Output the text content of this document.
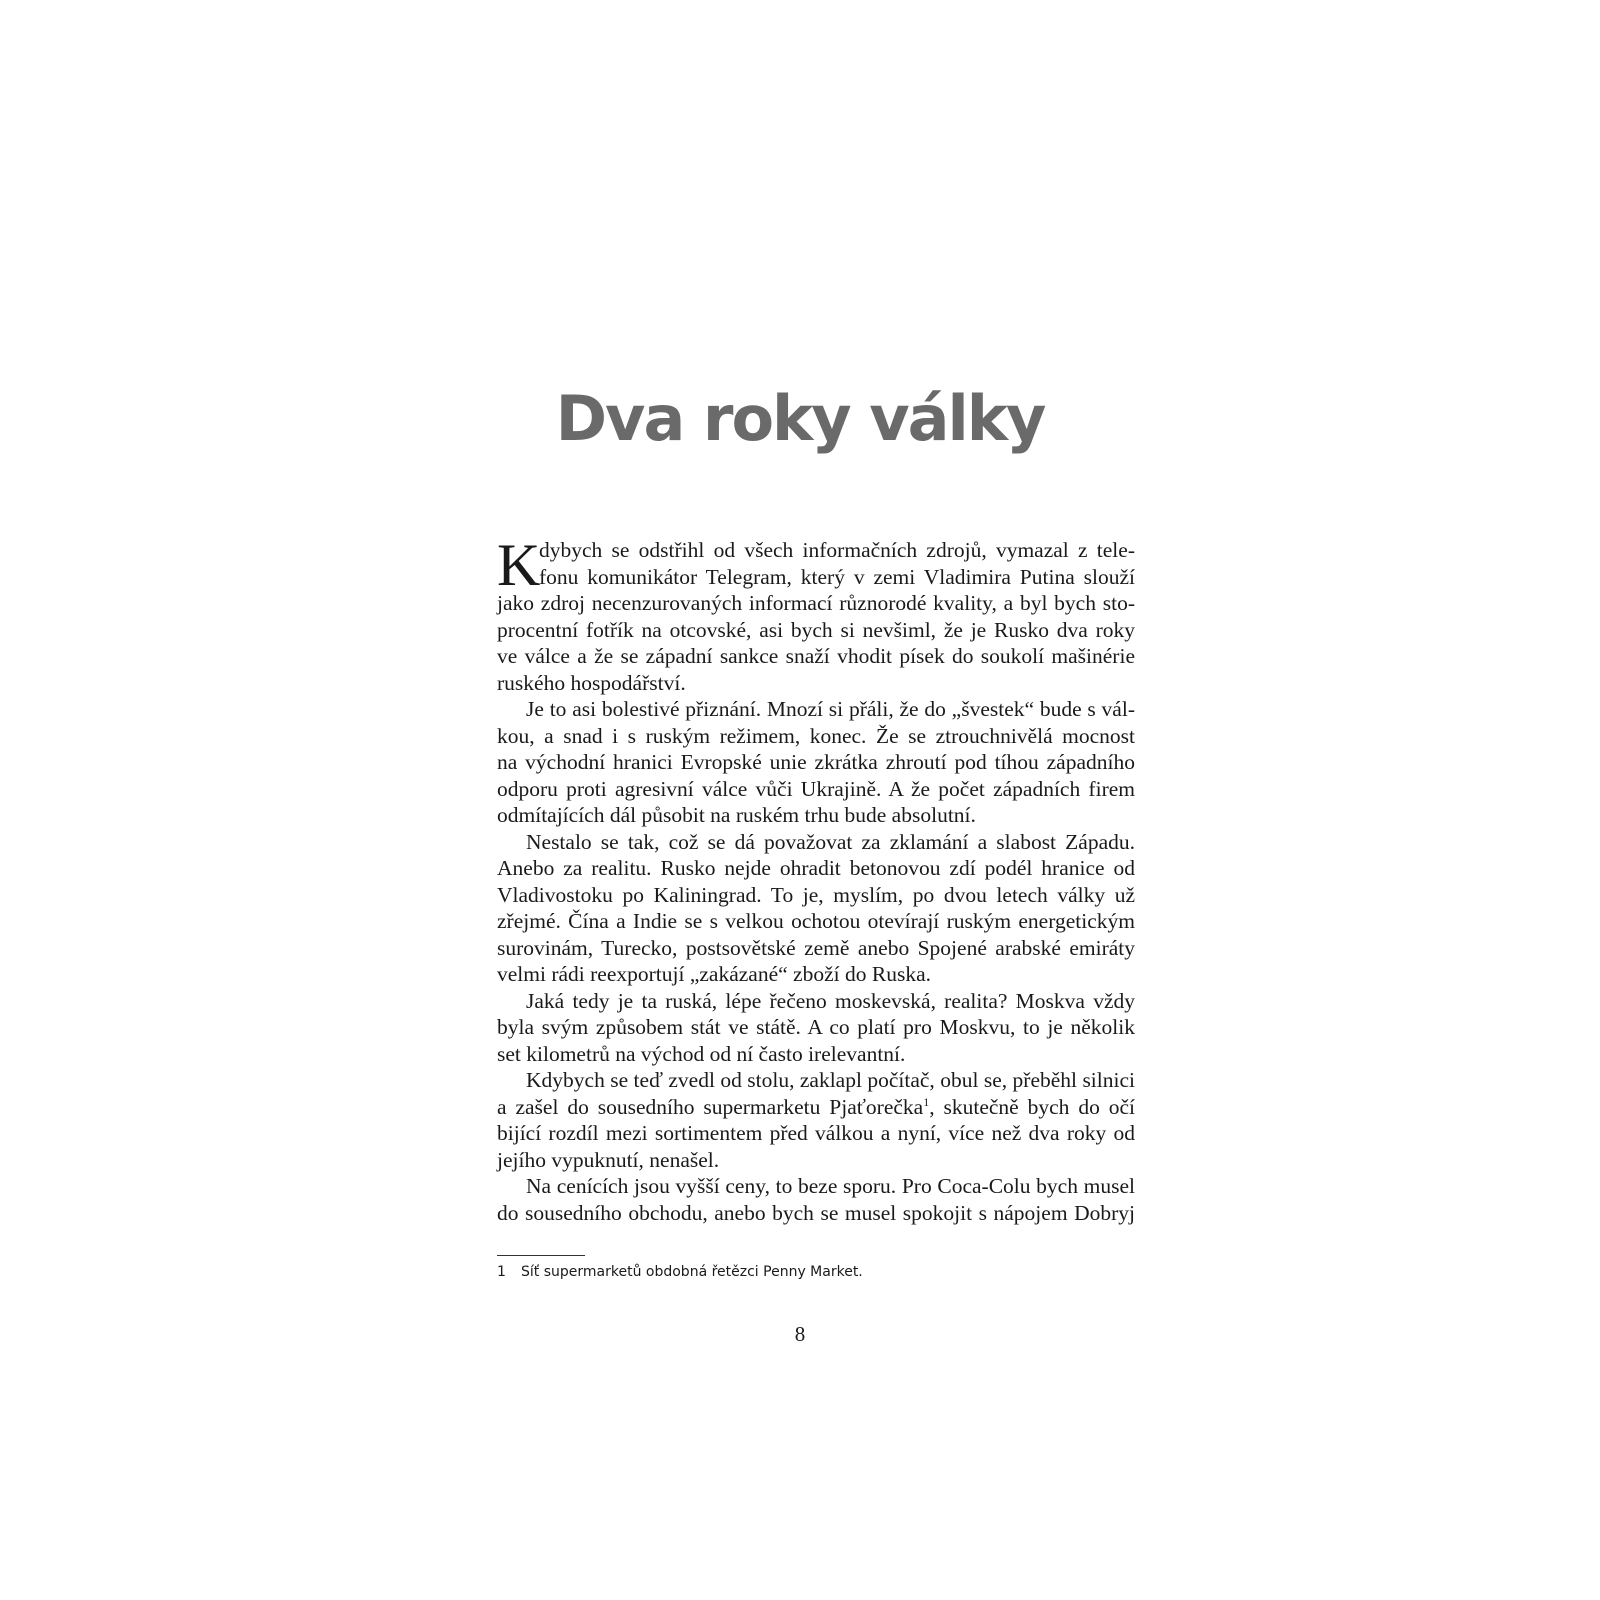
Dva roky války
K
dybych se odstřihl od všech informačních zdrojů, vymazal z tele-
fonu komunikátor Telegram, který v zemi Vladimira Putina slouží
jako zdroj necenzurovaných informací různorodé kvality, a byl bych sto-
procentní fotřík na otcovské, asi bych si nevšiml, že je Rusko dva roky
ve válce a že se západní sankce snaží vhodit písek do soukolí mašinérie
ruského hospodářství.
Je to asi bolestivé přiznání. Mnozí si přáli, že do „švestek“ bude s vál-
kou, a snad i s ruským režimem, konec. Že se ztrouchnivělá mocnost
na východní hranici Evropské unie zkrátka zhroutí pod tíhou západního
odporu proti agresivní válce vůči Ukrajině. A že počet západních firem
odmítajících dál působit na ruském trhu bude absolutní.
Nestalo se tak, což se dá považovat za zklamání a slabost Západu.
Anebo za realitu. Rusko nejde ohradit betonovou zdí podél hranice od
Vladivostoku po Kaliningrad. To je, myslím, po dvou letech války už
zřejmé. Čína a Indie se s velkou ochotou otevírají ruským energetickým
surovinám, Turecko, postsovětské země anebo Spojené arabské emiráty
velmi rádi reexportují „zakázané“ zboží do Ruska.
Jaká tedy je ta ruská, lépe řečeno moskevská, realita? Moskva vždy
byla svým způsobem stát ve státě. A co platí pro Moskvu, to je několik
set kilometrů na východ od ní často irelevantní.
Kdybych se teď zvedl od stolu, zaklapl počítač, obul se, přeběhl silnici
a zašel do sousedního supermarketu Pjaťorečka$^1$, skutečně bych do očí
bijící rozdíl mezi sortimentem před válkou a nyní, více než dva roky od
jejího vypuknutí, nenašel.
Na cenících jsou vyšší ceny, to beze sporu. Pro Coca-Colu bych musel
do sousedního obchodu, anebo bych se musel spokojit s nápojem Dobryj
1 Síť supermarketů obdobná řetězci Penny Market.
8
